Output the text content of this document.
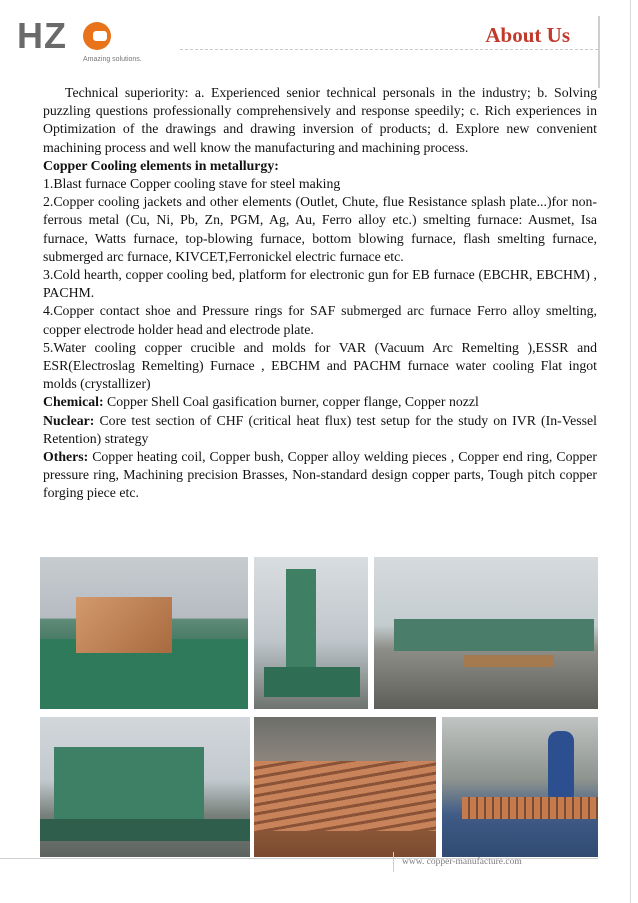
HZ
Amazing solutions.
About Us

Technical superiority: a. Experienced senior technical personals in the industry; b. Solving puzzling questions professionally comprehensively and response speedily; c. Rich experiences in Optimization of the drawings and drawing inversion of products; d. Explore new convenient machining process and well know the manufacturing and machining process.

Copper Cooling elements in metallurgy:

1.Blast furnace Copper cooling stave for steel making

2.Copper cooling jackets and other elements (Outlet, Chute, flue Resistance splash plate...)for non-ferrous metal (Cu, Ni, Pb, Zn, PGM, Ag, Au, Ferro alloy etc.) smelting furnace: Ausmet, Isa furnace, Watts furnace, top-blowing furnace, bottom blowing furnace, flash smelting furnace, submerged arc furnace, KIVCET,Ferronickel electric furnace etc.

3.Cold hearth, copper cooling bed, platform for electronic gun for EB furnace (EBCHR, EBCHM) , PACHM.

4.Copper contact shoe and Pressure rings for SAF submerged arc furnace Ferro alloy smelting, copper electrode holder head and electrode plate.

5.Water cooling copper crucible and molds for VAR (Vacuum Arc Remelting ),ESSR and ESR(Electroslag Remelting) Furnace , EBCHM and PACHM furnace water cooling Flat ingot molds (crystallizer)

Chemical: Copper Shell Coal gasification burner, copper flange, Copper nozzl

Nuclear: Core test section of CHF (critical heat flux) test setup for the study on IVR (In-Vessel Retention) strategy

Others: Copper heating coil, Copper bush, Copper alloy welding pieces , Copper end ring, Copper pressure ring, Machining precision Brasses, Non-standard design copper parts, Tough pitch copper forging piece etc.

www. copper-manufacture.com
